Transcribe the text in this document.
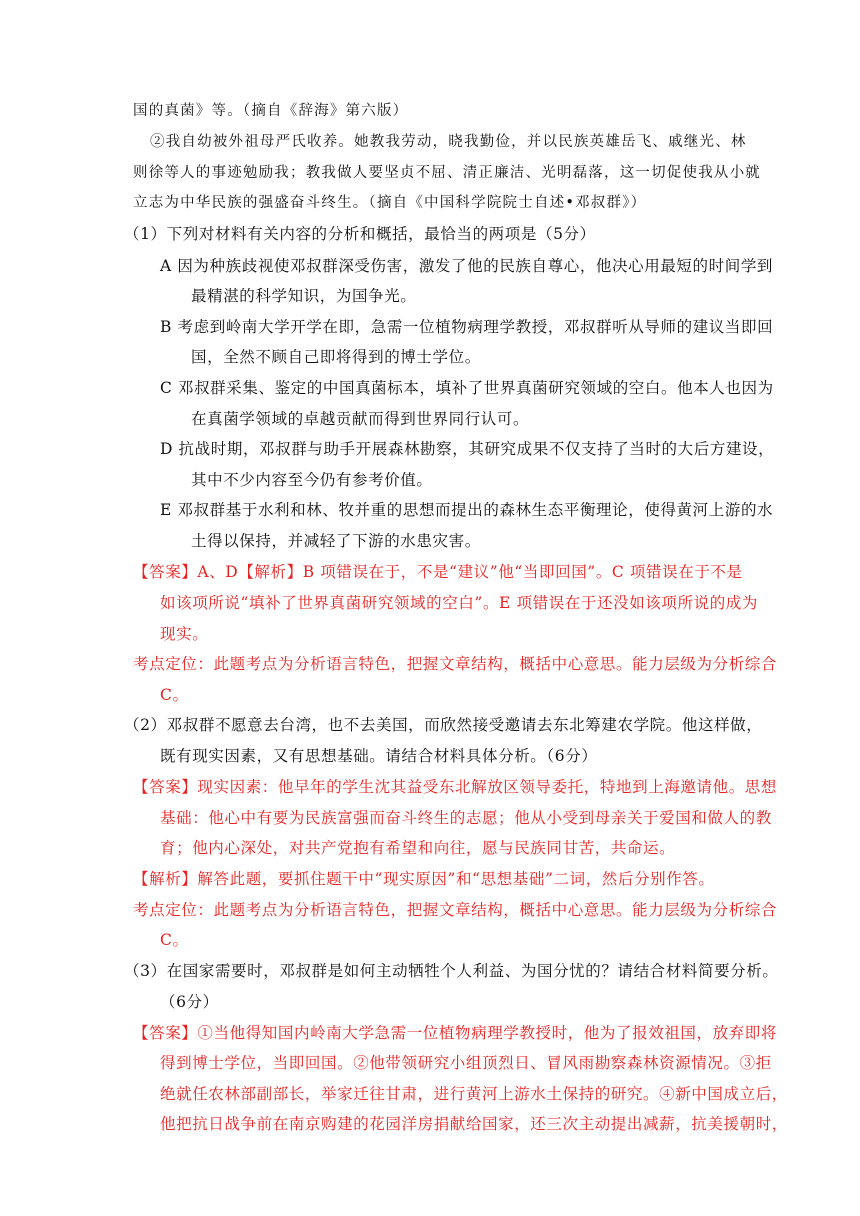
国的真菌》等。（摘自《辞海》第六版）
②我自幼被外祖母严氏收养。她教我劳动，晓我勤俭，并以民族英雄岳飞、戚继光、林
则徐等人的事迹勉励我；教我做人要坚贞不屈、清正廉洁、光明磊落，这一切促使我从小就
立志为中华民族的强盛奋斗终生。（摘自《中国科学院院士自述•邓叔群》）
（1）下列对材料有关内容的分析和概括，最恰当的两项是（5分）
A 因为种族歧视使邓叔群深受伤害，激发了他的民族自尊心，他决心用最短的时间学到
最精湛的科学知识，为国争光。
B 考虑到岭南大学开学在即，急需一位植物病理学教授，邓叔群听从导师的建议当即回
国，全然不顾自己即将得到的博士学位。
C 邓叔群采集、鉴定的中国真菌标本，填补了世界真菌研究领域的空白。他本人也因为
在真菌学领域的卓越贡献而得到世界同行认可。
D 抗战时期，邓叔群与助手开展森林勘察，其研究成果不仅支持了当时的大后方建设，
其中不少内容至今仍有参考价值。
E 邓叔群基于水利和林、牧并重的思想而提出的森林生态平衡理论，使得黄河上游的水
土得以保持，并减轻了下游的水患灾害。
【答案】A、D【解析】B 项错误在于，不是“建议”他“当即回国”。C 项错误在于不是
如该项所说“填补了世界真菌研究领域的空白”。E 项错误在于还没如该项所说的成为
现实。
考点定位：此题考点为分析语言特色，把握文章结构，概括中心意思。能力层级为分析综合
C。
（2）邓叔群不愿意去台湾，也不去美国，而欣然接受邀请去东北筹建农学院。他这样做，
既有现实因素，又有思想基础。请结合材料具体分析。（6分）
【答案】现实因素：他早年的学生沈其益受东北解放区领导委托，特地到上海邀请他。思想
基础：他心中有要为民族富强而奋斗终生的志愿；他从小受到母亲关于爱国和做人的教
育；他内心深处，对共产党抱有希望和向往，愿与民族同甘苦，共命运。
【解析】解答此题，要抓住题干中“现实原因”和“思想基础”二词，然后分别作答。
考点定位：此题考点为分析语言特色，把握文章结构，概括中心意思。能力层级为分析综合
C。
（3）在国家需要时，邓叔群是如何主动牺牲个人利益、为国分忧的？请结合材料简要分析。
（6分）
【答案】①当他得知国内岭南大学急需一位植物病理学教授时，他为了报效祖国，放弃即将
得到博士学位，当即回国。②他带领研究小组顶烈日、冒风雨勘察森林资源情况。③拒
绝就任农林部副部长，举家迁往甘肃，进行黄河上游水土保持的研究。④新中国成立后，
他把抗日战争前在南京购建的花园洋房捐献给国家，还三次主动提出减薪，抗美援朝时，
